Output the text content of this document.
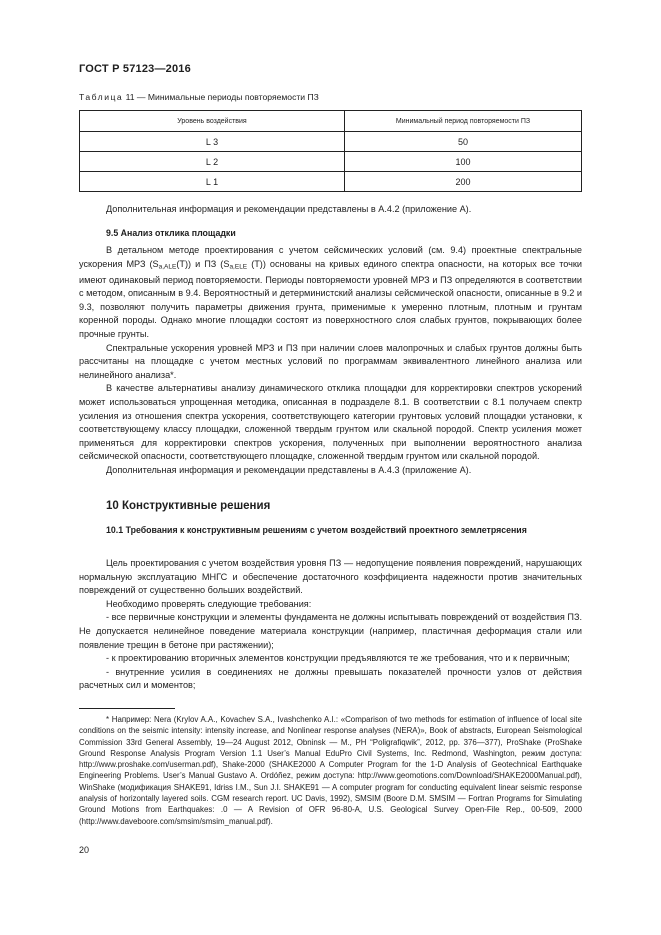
ГОСТ Р 57123—2016
Таблица 11 — Минимальные периоды повторяемости ПЗ
Уровень воздействия	Минимальный период повторяемости ПЗ
L 3	50
L 2	100
L 1	200

Дополнительная информация и рекомендации представлены в А.4.2 (приложение А).

9.5 Анализ отклика площадки

В детальном методе проектирования с учетом сейсмических условий (см. 9.4) проектные спектральные ускорения МРЗ $(S_{a,ALE}(T))$ и ПЗ ($S_{a,ELE}$ (T)) основаны на кривых единого спектра опасности, на которых все точки имеют одинаковый период повторяемости. Периоды повторяемости уровней МРЗ и ПЗ определяются в соответствии с методом, описанным в 9.4. Вероятностный и детерминистский анализы сейсмической опасности, описанные в 9.2 и 9.3, позволяют получить параметры движения грунта, применимые к умеренно плотным, плотным и грунтам коренной породы. Однако многие площадки состоят из поверхностного слоя слабых грунтов, покрывающих более прочные грунты.

Спектральные ускорения уровней МРЗ и ПЗ при наличии слоев малопрочных и слабых грунтов должны быть рассчитаны на площадке с учетом местных условий по программам эквивалентного линейного анализа или нелинейного анализа*.

В качестве альтернативы анализу динамического отклика площадки для корректировки спектров ускорений может использоваться упрощенная методика, описанная в подразделе 8.1. В соответствии с 8.1 получаем спектр усиления из отношения спектра ускорения, соответствующего категории грунтовых условий площадки установки, к соответствующему классу площадки, сложенной твердым грунтом или скальной породой. Спектр усиления может применяться для корректировки спектров ускорения, полученных при выполнении вероятностного анализа сейсмической опасности, соответствующего площадке, сложенной твердым грунтом или скальной породой.

Дополнительная информация и рекомендации представлены в А.4.3 (приложение А).

10 Конструктивные решения
10.1 Требования к конструктивным решениям с учетом воздействий проектного землетрясения

Цель проектирования с учетом воздействия уровня ПЗ — недопущение появления повреждений, нарушающих нормальную эксплуатацию МНГС и обеспечение достаточного коэффициента надежности против значительных повреждений от существенно больших воздействий.

Необходимо проверять следующие требования:

- все первичные конструкции и элементы фундамента не должны испытывать повреждений от воздействия ПЗ. Не допускается нелинейное поведение материала конструкции (например, пластичная деформация стали или появление трещин в бетоне при растяжении);

- к проектированию вторичных элементов конструкции предъявляются те же требования, что и к первичным;

- внутренние усилия в соединениях не должны превышать показателей прочности узлов от действия расчетных сил и моментов;

* Например: Nera (Krylov A.A., Kovachev S.A., Ivashchenko A.I.: «Comparison of two methods for estimation of influence of local site conditions on the seismic intensity: intensity increase, and Nonlinear response analyses (NERA)», Book of abstracts, European Seismological Commission 33rd General Assembly, 19—24 August 2012, Obninsk — M., PH “Poligrafiqwik”, 2012, pp. 376—377), ProShake (ProShake Ground Response Analysis Program Version 1.1 User’s Manual EduPro Civil Systems, Inc. Redmond, Washington, режим доступа: http://www.proshake.com/userman.pdf), Shake-2000 (SHAKE2000 A Computer Program for the 1-D Analysis of Geotechnical Earthquake Engineering Problems. User’s Manual Gustavo A. Ordóñez, режим доступа: http://www.geomotions.com/Download/SHAKE2000Manual.pdf), WinShake (модификация SHAKE91, Idriss I.M., Sun J.I. SHAKE91 — A computer program for conducting equivalent linear seismic response analysis of horizontally layered soils. CGM research report. UC Davis, 1992), SMSIM (Boore D.M. SMSIM — Fortran Programs for Simulating Ground Motions from Earthquakes: .0 — A Revision of OFR 96-80-A, U.S. Geological Survey Open-File Rep., 00-509, 2000 (http://www.daveboore.com/smsim/smsim_manual.pdf).

20
